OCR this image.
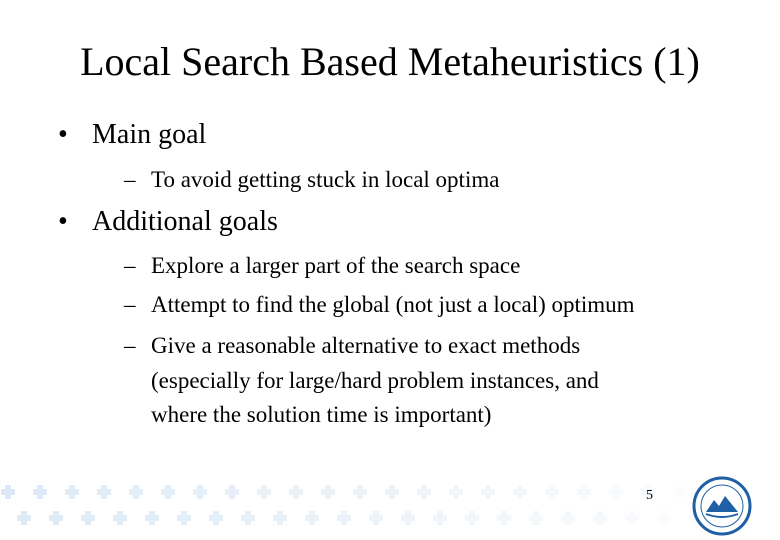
Local Search Based Metaheuristics (1)
• Main goal
– To avoid getting stuck in local optima
• Additional goals
– Explore a larger part of the search space
– Attempt to find the global (not just a local) optimum
– Give a reasonable alternative to exact methods
(especially for large/hard problem instances, and
where the solution time is important)
5
